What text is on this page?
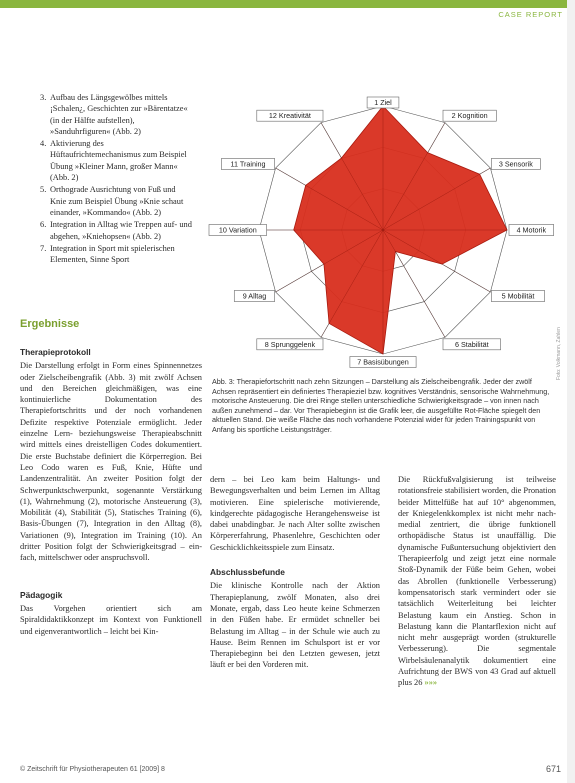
CASE REPORT
3. Aufbau des Längsgewölbes mittels ¡Schalen¿, Geschichten zur »Bärentatze« (in der Hälfte aufstellen), »Sanduhrfiguren« (Abb. 2)
4. Aktivierung des Hüftaufrichtemechanismus zum Beispiel Übung »Kleiner Mann, großer Mann« (Abb. 2)
5. Orthograde Ausrichtung von Fuß und Knie zum Beispiel Übung »Knie schaut einander, »Kommando« (Abb. 2)
6. Integration in Alltag wie Treppen auf- und abgehen, »Kniehopsen« (Abb. 2)
7. Integration in Sport mit spielerischen Elementen, Sinne Sport
Ergebnisse
Therapieprotokoll

Die Darstellung erfolgt in Form eines Spinnennetzes oder Zielscheibengrafik (Abb. 3) mit zwölf Achsen und den Bereichen gleichmäßigen, was eine kontinuierliche Dokumentation des Therapiefortschritts und der noch vorhandenen Defizite respektive Potenziale ermöglicht. Jeder einzelne Lern- beziehungsweise Therapieabschnitt wird mittels eines dreistelligen Codes dokumentiert. Die erste Buchstabe definiert die Körperregion. Bei Leo Codo waren es Fuß, Knie, Hüfte und Landenzentralität. An zweiter Position folgt der Schwerpunktschwerpunkt, sogenannte Verstärkung (1), Wahrnehmung (2), motorische Ansteuerung (3), Mobilität (4), Stabilität (5), Statisches Training (6), Basis-Übungen (7), Integration in den Alltag (8), Variationen (9), Integration im Training (10). An dritter Position folgt der Schwierigkeitsgrad – ein- fach, mittelschwer oder anspruchsvoll.

Pädagogik

Das Vorgehen orientiert sich am Spiraldidaktikkonzept im Kontext von Funktionell und eigenverantwortlich – leicht bei Kin-

1 Ziel
2 Kognition
3 Sensorik
4 Motorik
5 Mobilität
6 Stabilität
7 Basisübungen
8 Sprunggelenk
9 Alltag
10 Variation
11 Training
12 Kreativität
Abb. 3: Therapiefortschritt nach zehn Sitzungen – Darstellung als Zielscheibengrafik. Jeder der zwölf Achsen repräsentiert ein definiertes Therapieziel bzw. kognitives Verständnis, sensorische Wahrnehmung, motorische Ansteuerung. Die drei Ringe stellen unterschiedliche Schwierigkeitsgrade – von innen nach außen zunehmend – dar. Vor Therapiebeginn ist die Grafik leer, die ausgefüllte Rot-Fläche spiegelt den aktuellen Stand. Die weiße Fläche das noch vorhandene Potenzial wider für jeden Trainingspunkt von Anfang bis sportliche Leistungsträger.
Foto: Volkmann, Zahlen

dern – bei Leo kam beim Haltungs- und Bewegungsverhalten und beim Lernen im Alltag motivieren. Eine spielerische motivierende, kindgerechte pädagogische Herangehensweise ist dabei unabdingbar. Je nach Alter sollte zwischen Körpererfahrung, Phasenlehre, Geschichten oder Geschicklichkeitsspiele zum Einsatz.

Abschlussbefunde

Die klinische Kontrolle nach der Aktion Therapieplanung, zwölf Monaten, also drei Monate, ergab, dass Leo heute keine Schmerzen in den Füßen habe. Er ermüdet schneller bei Belastung im Alltag – in der Schule wie auch zu Hause. Beim Rennen im Schulsport ist er vor Therapiebeginn bei den Letzten gewesen, jetzt läuft er bei den Vorderen mit.

Die Rückfußvalgisierung ist teilweise rotationsfreie stabilisiert worden, die Pronation beider Mittelfüße hat auf 10° abgenommen, der Kniegelenkkomplex ist nicht mehr nach-medial zentriert, die übrige funktionell orthopädische Status ist unauffällig. Die dynamische Fußuntersuchung objektiviert den Therapieerfolg und zeigt jetzt eine normale Stoß-Dynamik der Füße beim Gehen, wobei das Abrollen (funktionelle Verbesserung) kompensatorisch stark vermindert oder sie tatsächlich Weiterleitung bei leichter Belastung kaum ein Anstieg. Schon in Belastung kann die Plantarflexion nicht auf nicht mehr ausgeprägt worden (strukturelle Verbesserung). Die segmentale Wirbelsäulenanalytik dokumentiert eine Aufrichtung der BWS von 43 Grad auf aktuell plus 26 »»»

© Zeitschrift für Physiotherapeuten 61 [2009] 8	671
